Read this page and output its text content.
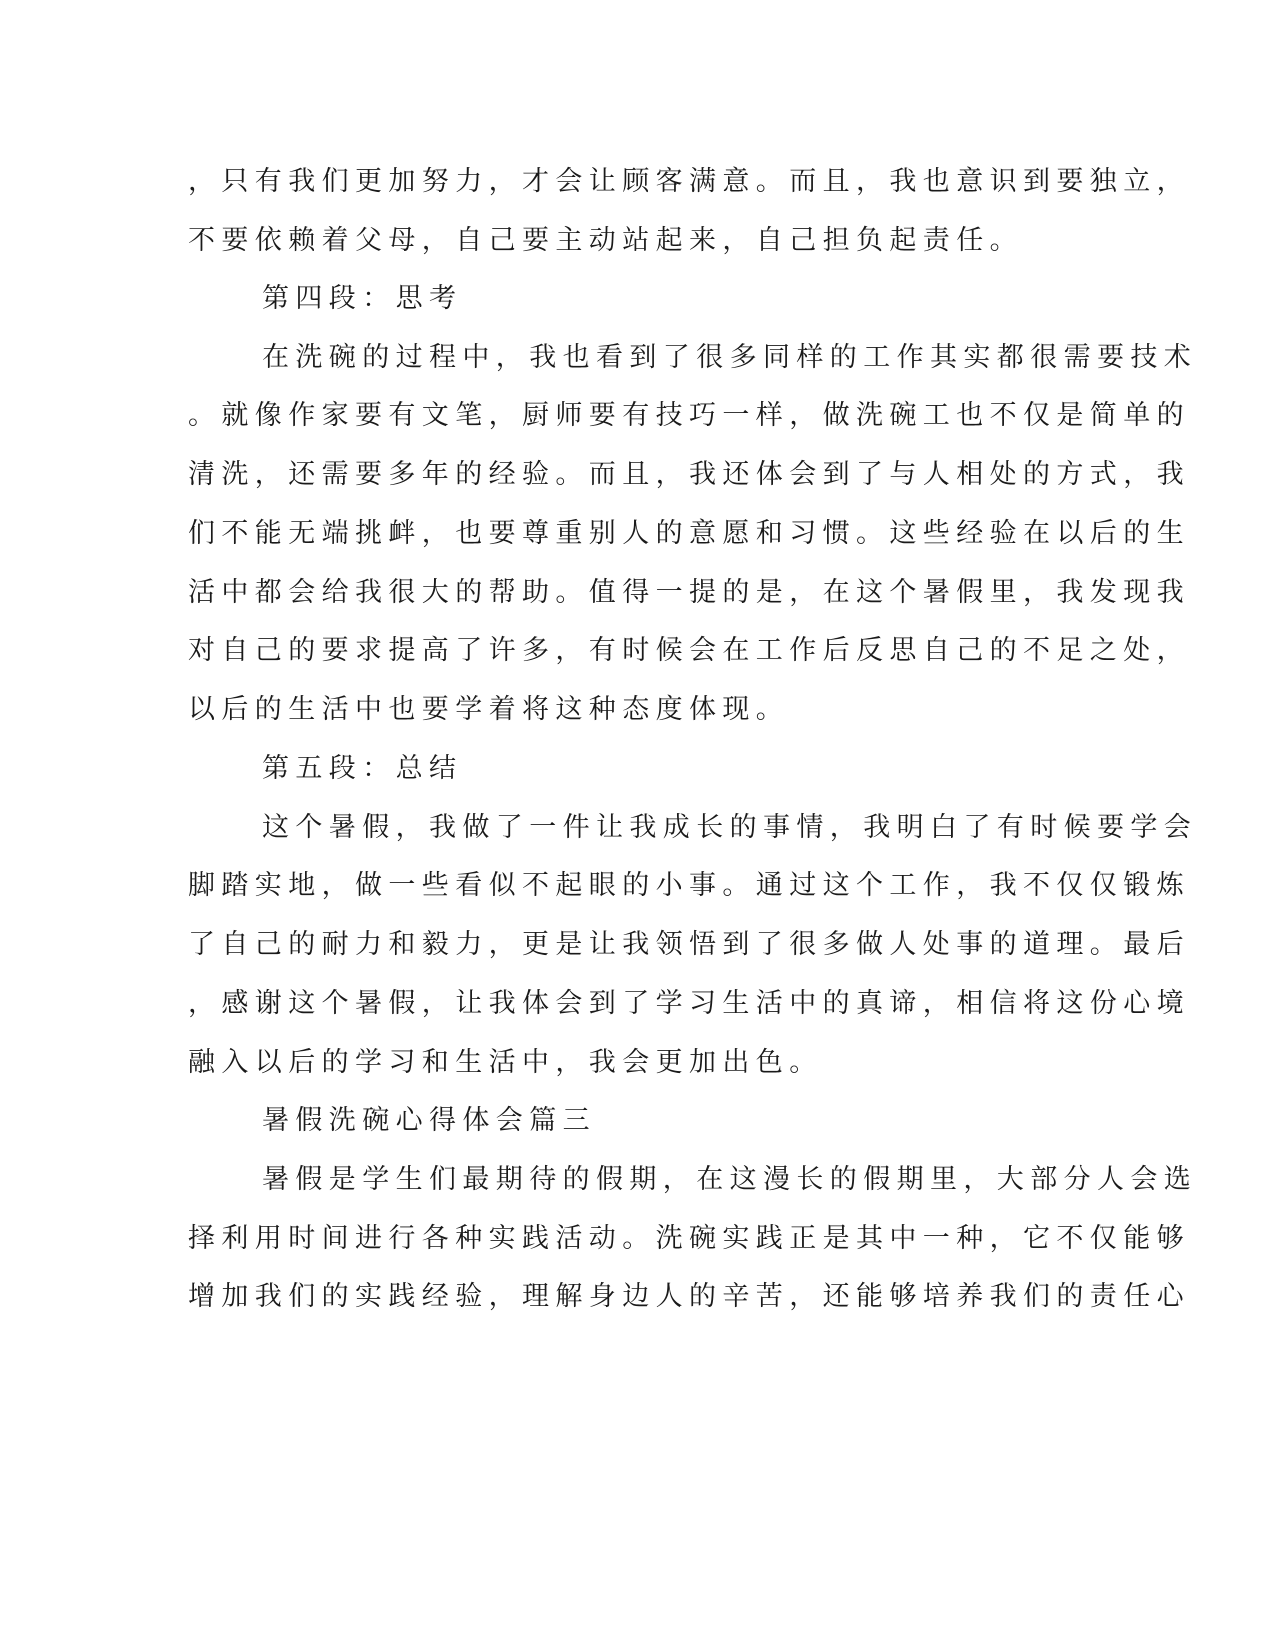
，只有我们更加努力，才会让顾客满意。而且，我也意识到要独立，

不要依赖着父母，自己要主动站起来，自己担负起责任。

第四段：思考

在洗碗的过程中，我也看到了很多同样的工作其实都很需要技术

。就像作家要有文笔，厨师要有技巧一样，做洗碗工也不仅是简单的

清洗，还需要多年的经验。而且，我还体会到了与人相处的方式，我

们不能无端挑衅，也要尊重别人的意愿和习惯。这些经验在以后的生

活中都会给我很大的帮助。值得一提的是，在这个暑假里，我发现我

对自己的要求提高了许多，有时候会在工作后反思自己的不足之处，

以后的生活中也要学着将这种态度体现。

第五段：总结

这个暑假，我做了一件让我成长的事情，我明白了有时候要学会

脚踏实地，做一些看似不起眼的小事。通过这个工作，我不仅仅锻炼

了自己的耐力和毅力，更是让我领悟到了很多做人处事的道理。最后

，感谢这个暑假，让我体会到了学习生活中的真谛，相信将这份心境

融入以后的学习和生活中，我会更加出色。

暑假洗碗心得体会篇三

暑假是学生们最期待的假期，在这漫长的假期里，大部分人会选

择利用时间进行各种实践活动。洗碗实践正是其中一种，它不仅能够

增加我们的实践经验，理解身边人的辛苦，还能够培养我们的责任心
